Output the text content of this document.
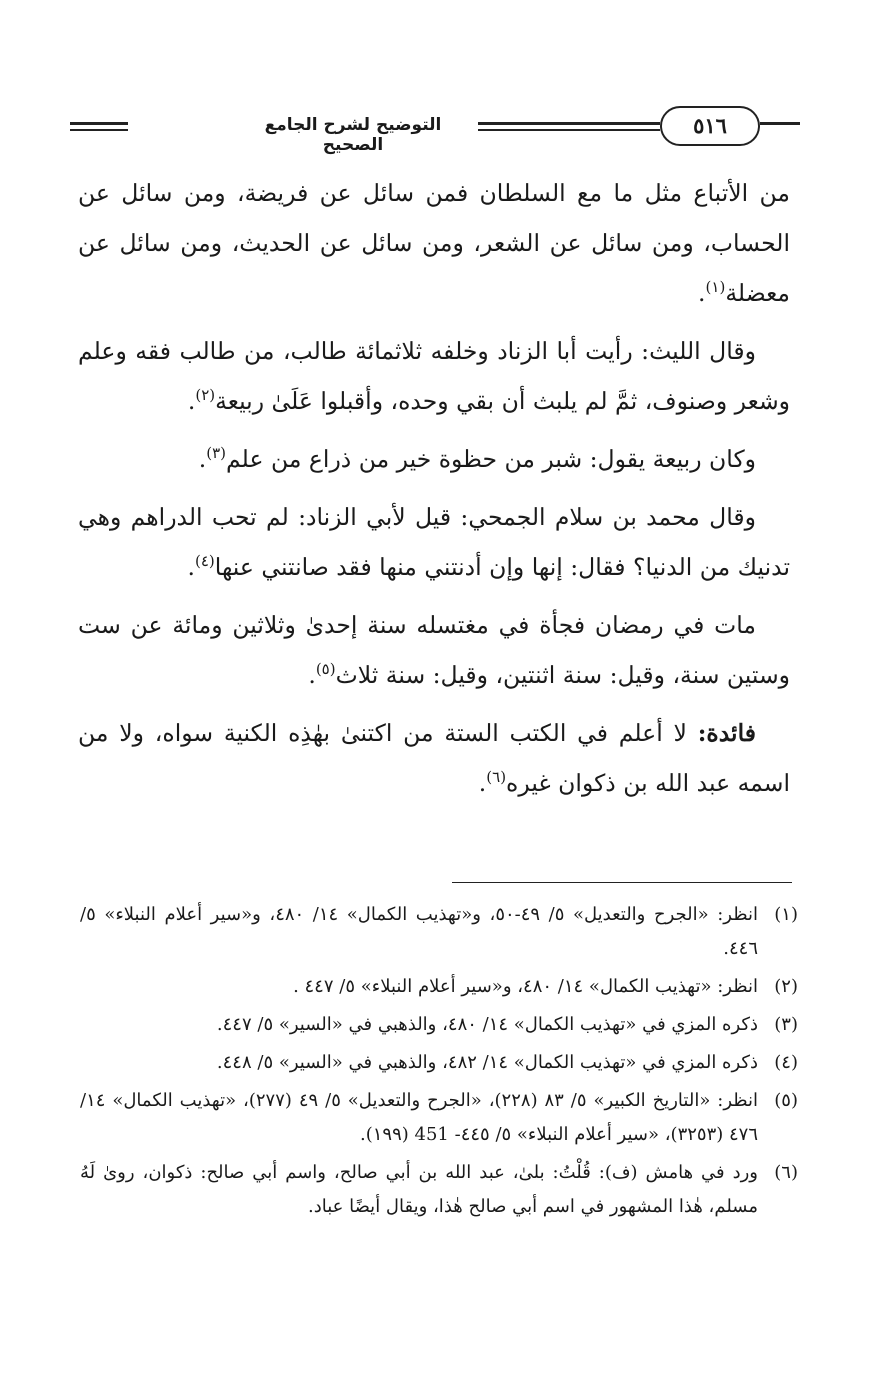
التوضيح لشرح الجامع الصحيح
٥١٦

من الأتباع مثل ما مع السلطان فمن سائل عن فريضة، ومن سائل عن الحساب، ومن سائل عن الشعر، ومن سائل عن الحديث، ومن سائل عن معضلة$^{(١)}$.

وقال الليث: رأيت أبا الزناد وخلفه ثلاثمائة طالب، من طالب فقه وعلم وشعر وصنوف، ثمَّ لم يلبث أن بقي وحده، وأقبلوا عَلَىٰ ربيعة$^{(٢)}$.

وكان ربيعة يقول: شبر من حظوة خير من ذراع من علم$^{(٣)}$.

وقال محمد بن سلام الجمحي: قيل لأبي الزناد: لم تحب الدراهم وهي تدنيك من الدنيا؟ فقال: إنها وإن أدنتني منها فقد صانتني عنها$^{(٤)}$.

مات في رمضان فجأة في مغتسله سنة إحدىٰ وثلاثين ومائة عن ست وستين سنة، وقيل: سنة اثنتين، وقيل: سنة ثلاث$^{(٥)}$.

فائدة: لا أعلم في الكتب الستة من اكتنىٰ بهٰذِه الكنية سواه، ولا من اسمه عبد الله بن ذكوان غيره$^{(٦)}$.

(١)
انظر: «الجرح والتعديل» ٥/ ٤٩-٥٠، و«تهذيب الكمال» ١٤/ ٤٨٠، و«سير أعلام النبلاء» ٥/ ٤٤٦.
(٢)
انظر: «تهذيب الكمال» ١٤/ ٤٨٠، و«سير أعلام النبلاء» ٥/ ٤٤٧ .
(٣)
ذكره المزي في «تهذيب الكمال» ١٤/ ٤٨٠، والذهبي في «السير» ٥/ ٤٤٧.
(٤)
ذكره المزي في «تهذيب الكمال» ١٤/ ٤٨٢، والذهبي في «السير» ٥/ ٤٤٨.
(٥)
انظر: «التاريخ الكبير» ٥/ ٨٣ (٢٢٨)، «الجرح والتعديل» ٥/ ٤٩ (٢٧٧)، «تهذيب الكمال» ١٤/ ٤٧٦ (٣٢٥٣)، «سير أعلام النبلاء» ٥/ ٤٤٥- 451 (١٩٩).
(٦)
ورد في هامش (ف): قُلْتُ: بلىٰ، عبد الله بن أبي صالح، واسم أبي صالح: ذكوان، روىٰ لَهُ مسلم، هٰذا المشهور في اسم أبي صالح هٰذا، ويقال أيضًا عباد.
